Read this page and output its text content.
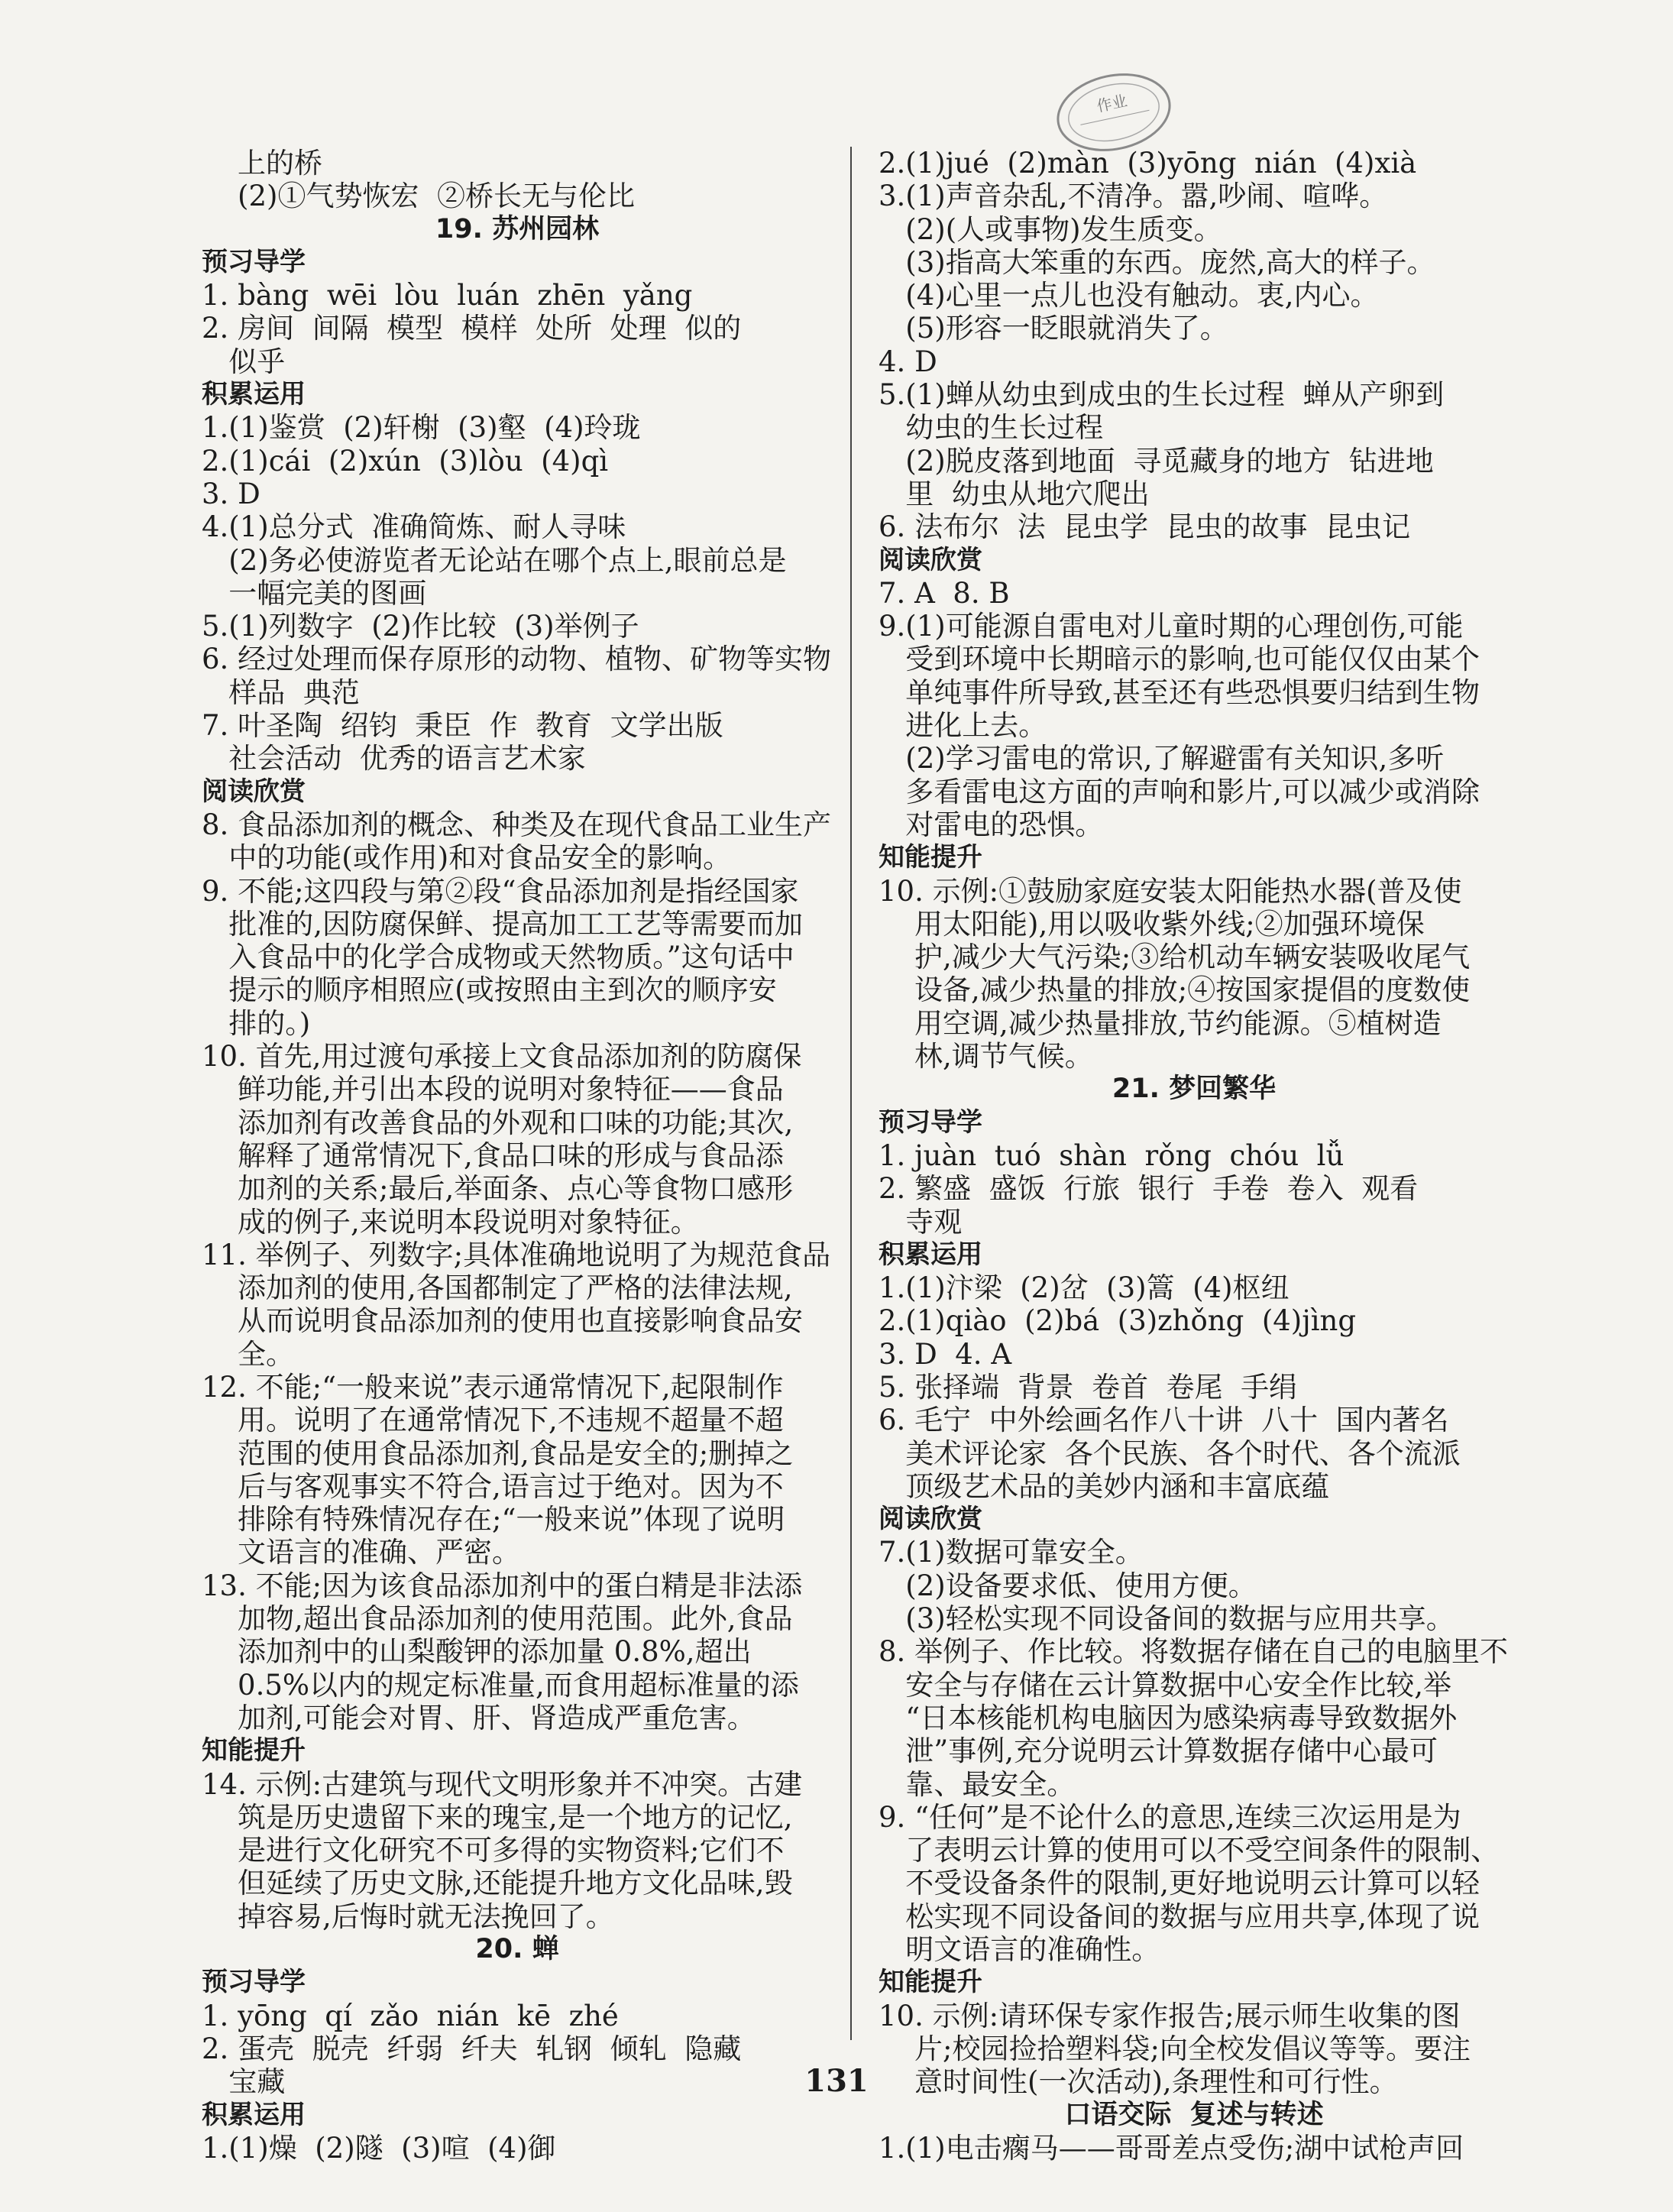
作业
上的桥
(2)①气势恢宏  ②桥长无与伦比
19. 苏州园林
预习导学
1. bàng  wēi  lòu  luán  zhēn  yǎng
2. 房间  间隔  模型  模样  处所  处理  似的
似乎
积累运用
1.(1)鉴赏  (2)轩榭  (3)壑  (4)玲珑
2.(1)cái  (2)xún  (3)lòu  (4)qì
3. D
4.(1)总分式  准确简炼、耐人寻味
(2)务必使游览者无论站在哪个点上,眼前总是
一幅完美的图画
5.(1)列数字  (2)作比较  (3)举例子
6. 经过处理而保存原形的动物、植物、矿物等实物
样品  典范
7. 叶圣陶  绍钧  秉臣  作  教育  文学出版
社会活动  优秀的语言艺术家
阅读欣赏
8. 食品添加剂的概念、种类及在现代食品工业生产
中的功能(或作用)和对食品安全的影响。
9. 不能;这四段与第②段“食品添加剂是指经国家
批准的,因防腐保鲜、提高加工工艺等需要而加
入食品中的化学合成物或天然物质。”这句话中
提示的顺序相照应(或按照由主到次的顺序安
排的。)
10. 首先,用过渡句承接上文食品添加剂的防腐保
鲜功能,并引出本段的说明对象特征——食品
添加剂有改善食品的外观和口味的功能;其次,
解释了通常情况下,食品口味的形成与食品添
加剂的关系;最后,举面条、点心等食物口感形
成的例子,来说明本段说明对象特征。
11. 举例子、列数字;具体准确地说明了为规范食品
添加剂的使用,各国都制定了严格的法律法规,
从而说明食品添加剂的使用也直接影响食品安
全。
12. 不能;“一般来说”表示通常情况下,起限制作
用。说明了在通常情况下,不违规不超量不超
范围的使用食品添加剂,食品是安全的;删掉之
后与客观事实不符合,语言过于绝对。因为不
排除有特殊情况存在;“一般来说”体现了说明
文语言的准确、严密。
13. 不能;因为该食品添加剂中的蛋白精是非法添
加物,超出食品添加剂的使用范围。此外,食品
添加剂中的山梨酸钾的添加量 0.8%,超出
0.5%以内的规定标准量,而食用超标准量的添
加剂,可能会对胃、肝、肾造成严重危害。
知能提升
14. 示例:古建筑与现代文明形象并不冲突。古建
筑是历史遗留下来的瑰宝,是一个地方的记忆,
是进行文化研究不可多得的实物资料;它们不
但延续了历史文脉,还能提升地方文化品味,毁
掉容易,后悔时就无法挽回了。
20. 蝉
预习导学
1. yōng  qí  zǎo  nián  kē  zhé
2. 蛋壳  脱壳  纤弱  纤夫  轧钢  倾轧  隐藏
宝藏
积累运用
1.(1)燥  (2)隧  (3)喧  (4)御
2.(1)jué  (2)màn  (3)yōng  nián  (4)xià
3.(1)声音杂乱,不清净。嚣,吵闹、喧哗。
(2)(人或事物)发生质变。
(3)指高大笨重的东西。庞然,高大的样子。
(4)心里一点儿也没有触动。衷,内心。
(5)形容一眨眼就消失了。
4. D
5.(1)蝉从幼虫到成虫的生长过程  蝉从产卵到
幼虫的生长过程
(2)脱皮落到地面  寻觅藏身的地方  钻进地
里  幼虫从地穴爬出
6. 法布尔  法  昆虫学  昆虫的故事  昆虫记
阅读欣赏
7. A  8. B
9.(1)可能源自雷电对儿童时期的心理创伤,可能
受到环境中长期暗示的影响,也可能仅仅由某个
单纯事件所导致,甚至还有些恐惧要归结到生物
进化上去。
(2)学习雷电的常识,了解避雷有关知识,多听
多看雷电这方面的声响和影片,可以减少或消除
对雷电的恐惧。
知能提升
10. 示例:①鼓励家庭安装太阳能热水器(普及使
用太阳能),用以吸收紫外线;②加强环境保
护,减少大气污染;③给机动车辆安装吸收尾气
设备,减少热量的排放;④按国家提倡的度数使
用空调,减少热量排放,节约能源。⑤植树造
林,调节气候。
21. 梦回繁华
预习导学
1. juàn  tuó  shàn  rǒng  chóu  lǚ
2. 繁盛  盛饭  行旅  银行  手卷  卷入  观看
寺观
积累运用
1.(1)汴梁  (2)岔  (3)篙  (4)枢纽
2.(1)qiào  (2)bá  (3)zhǒng  (4)jìng
3. D  4. A
5. 张择端  背景  卷首  卷尾  手绢
6. 毛宁  中外绘画名作八十讲  八十  国内著名
美术评论家  各个民族、各个时代、各个流派
顶级艺术品的美妙内涵和丰富底蕴
阅读欣赏
7.(1)数据可靠安全。
(2)设备要求低、使用方便。
(3)轻松实现不同设备间的数据与应用共享。
8. 举例子、作比较。将数据存储在自己的电脑里不
安全与存储在云计算数据中心安全作比较,举
“日本核能机构电脑因为感染病毒导致数据外
泄”事例,充分说明云计算数据存储中心最可
靠、最安全。
9. “任何”是不论什么的意思,连续三次运用是为
了表明云计算的使用可以不受空间条件的限制、
不受设备条件的限制,更好地说明云计算可以轻
松实现不同设备间的数据与应用共享,体现了说
明文语言的准确性。
知能提升
10. 示例:请环保专家作报告;展示师生收集的图
片;校园捡拾塑料袋;向全校发倡议等等。要注
意时间性(一次活动),条理性和可行性。
口语交际  复述与转述
1.(1)电击瘸马——哥哥差点受伤;湖中试枪声回
131
